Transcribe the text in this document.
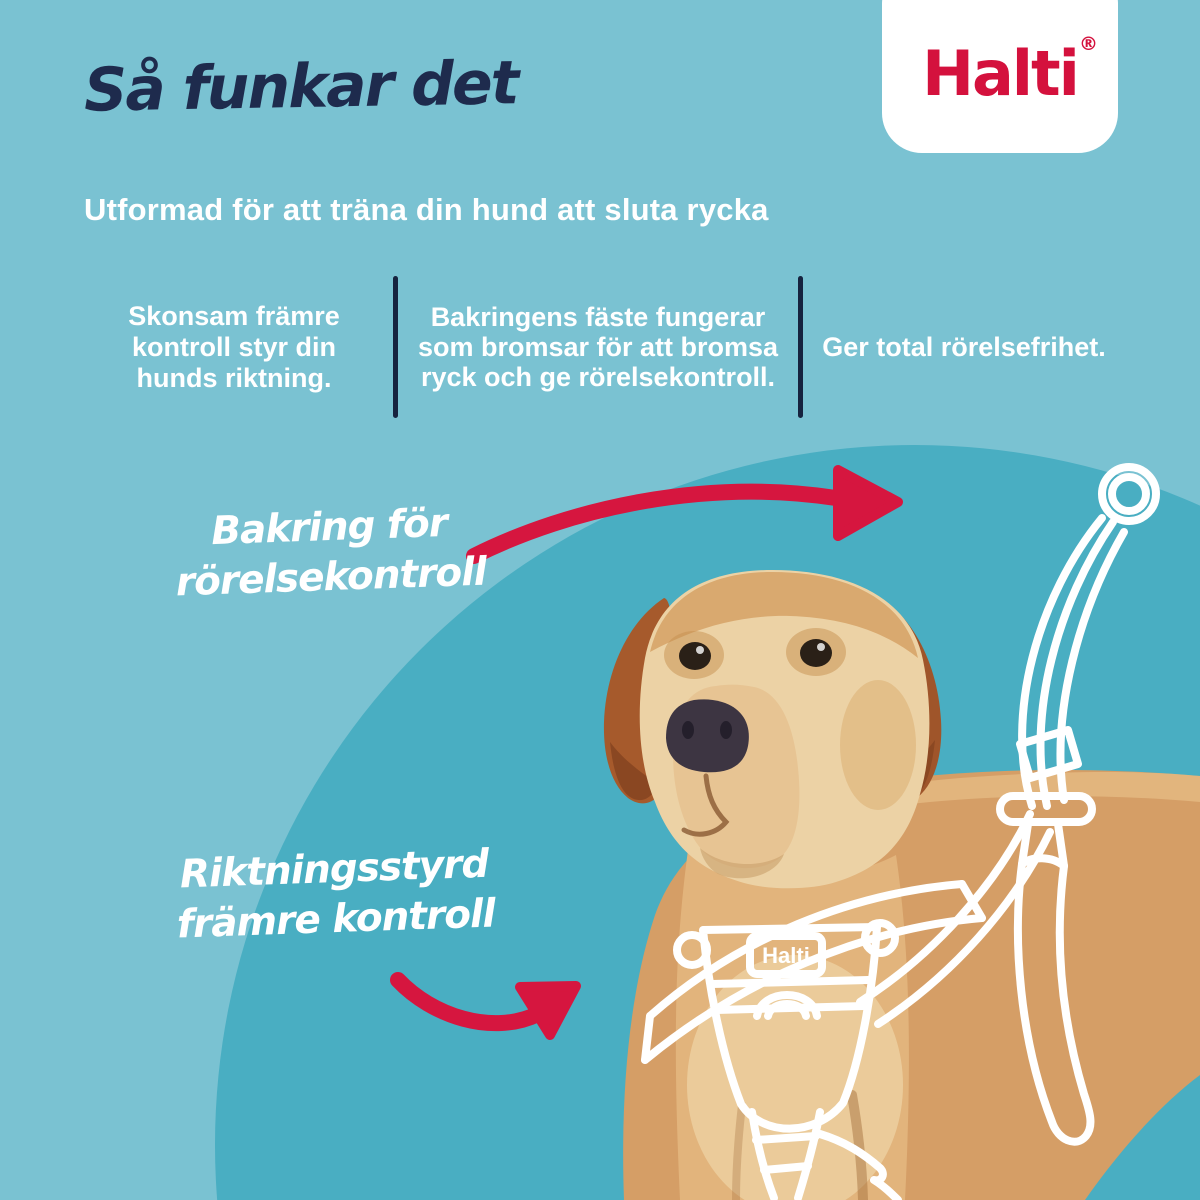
Halti
Så funkar det

Utformad för att träna din hund att sluta rycka

Skonsam främre kontroll styr din hunds riktning.
Bakringens fäste fungerar som bromsar för att bromsa ryck och ge rörelsekontroll.
Ger total rörelsefrihet.
Halti ®
Bakring för
rörelsekontroll
Riktningsstyrd
främre kontroll
